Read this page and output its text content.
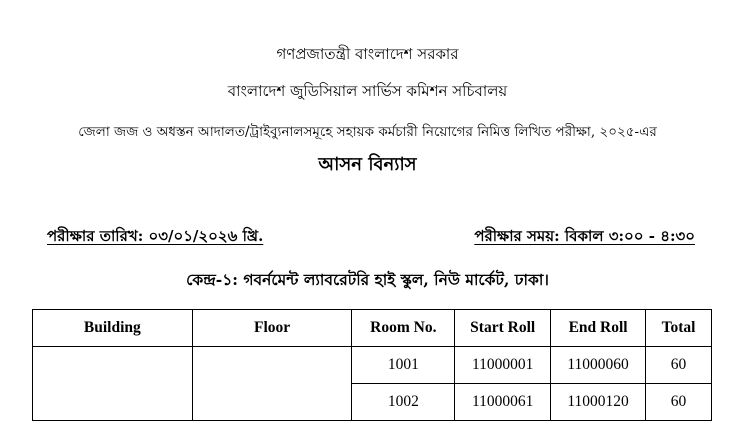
গণপ্রজাতন্ত্রী বাংলাদেশ সরকার
বাংলাদেশ জুডিসিয়াল সার্ভিস কমিশন সচিবালয়
জেলা জজ ও অধস্তন আদালত/ট্রাইব্যুনালসমূহে সহায়ক কর্মচারী নিয়োগের নিমিত্ত লিখিত পরীক্ষা, ২০২৫-এর
আসন বিন্যাস
পরীক্ষার তারিখ: ০৩/০১/২০২৬ খ্রি.	পরীক্ষার সময়: বিকাল ৩:০০ - ৪:৩০
কেন্দ্র-১: গবর্নমেন্ট ল্যাবরেটরি হাই স্কুল, নিউ মার্কেট, ঢাকা।
Building	Floor	Room No.	Start Roll	End Roll	Total
		1001	11000001	11000060	60
		1002	11000061	11000120	60
